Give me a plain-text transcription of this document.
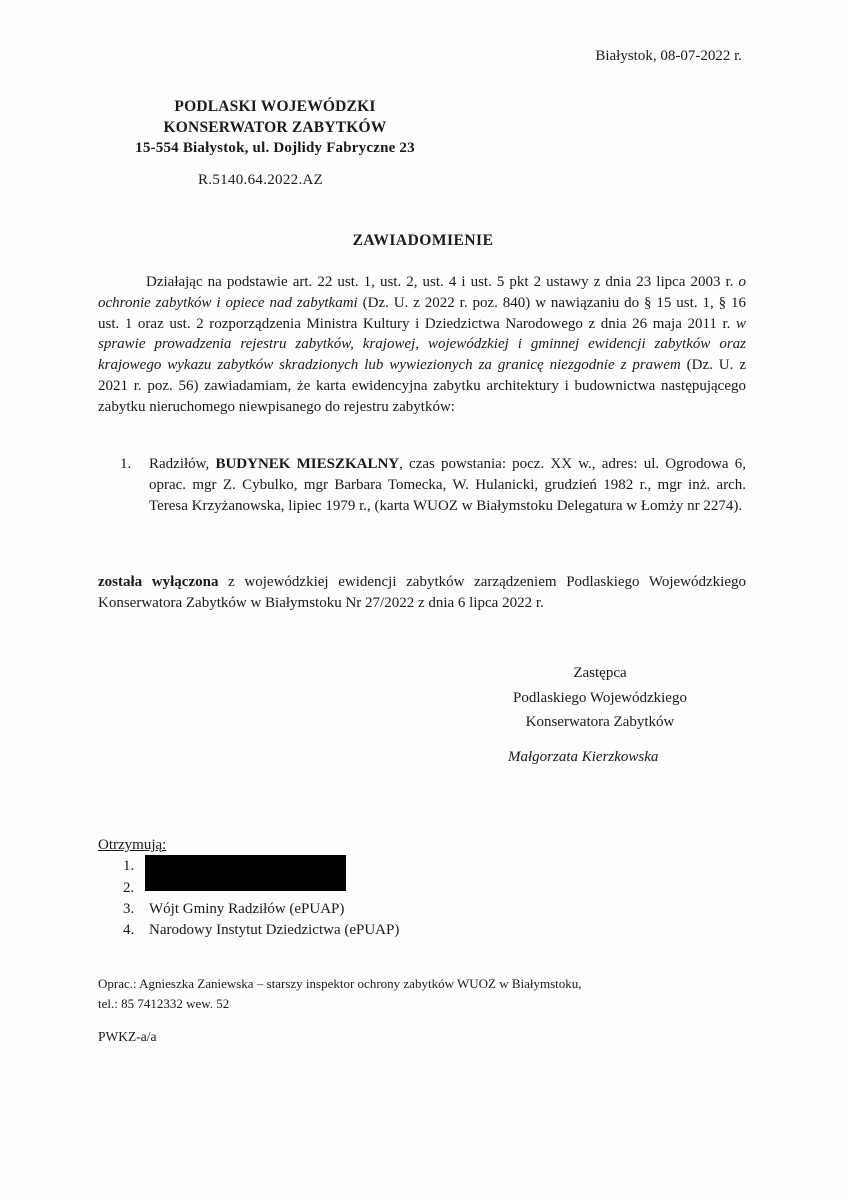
Białystok, 08-07-2022 r.
PODLASKI WOJEWÓDZKI
KONSERWATOR ZABYTKÓW
15-554 Białystok, ul. Dojlidy Fabryczne 23
R.5140.64.2022.AZ
ZAWIADOMIENIE
Działając na podstawie art. 22 ust. 1, ust. 2, ust. 4 i ust. 5 pkt 2 ustawy z dnia 23 lipca 2003 r. o ochronie zabytków i opiece nad zabytkami (Dz. U. z 2022 r. poz. 840) w nawiązaniu do § 15 ust. 1, § 16 ust. 1 oraz ust. 2 rozporządzenia Ministra Kultury i Dziedzictwa Narodowego z dnia 26 maja 2011 r. w sprawie prowadzenia rejestru zabytków, krajowej, wojewódzkiej i gminnej ewidencji zabytków oraz krajowego wykazu zabytków skradzionych lub wywiezionych za granicę niezgodnie z prawem (Dz. U. z 2021 r. poz. 56) zawiadamiam, że karta ewidencyjna zabytku architektury i budownictwa następującego zabytku nieruchomego niewpisanego do rejestru zabytków:
1. Radziłów, BUDYNEK MIESZKALNY, czas powstania: pocz. XX w., adres: ul. Ogrodowa 6, oprac. mgr Z. Cybulko, mgr Barbara Tomecka, W. Hulanicki, grudzień 1982 r., mgr inż. arch. Teresa Krzyżanowska, lipiec 1979 r., (karta WUOZ w Białymstoku Delegatura w Łomży nr 2274).
została wyłączona z wojewódzkiej ewidencji zabytków zarządzeniem Podlaskiego Wojewódzkiego Konserwatora Zabytków w Białymstoku Nr 27/2022 z dnia 6 lipca 2022 r.
Zastępca
Podlaskiego Wojewódzkiego
Konserwatora Zabytków
Małgorzata Kierzkowska
Otrzymują:
1.

2.

3. Wójt Gminy Radziłów (ePUAP)
4. Narodowy Instytut Dziedzictwa (ePUAP)
Oprac.: Agnieszka Zaniewska – starszy inspektor ochrony zabytków WUOZ w Białymstoku,
tel.: 85 7412332 wew. 52
PWKZ-a/a
